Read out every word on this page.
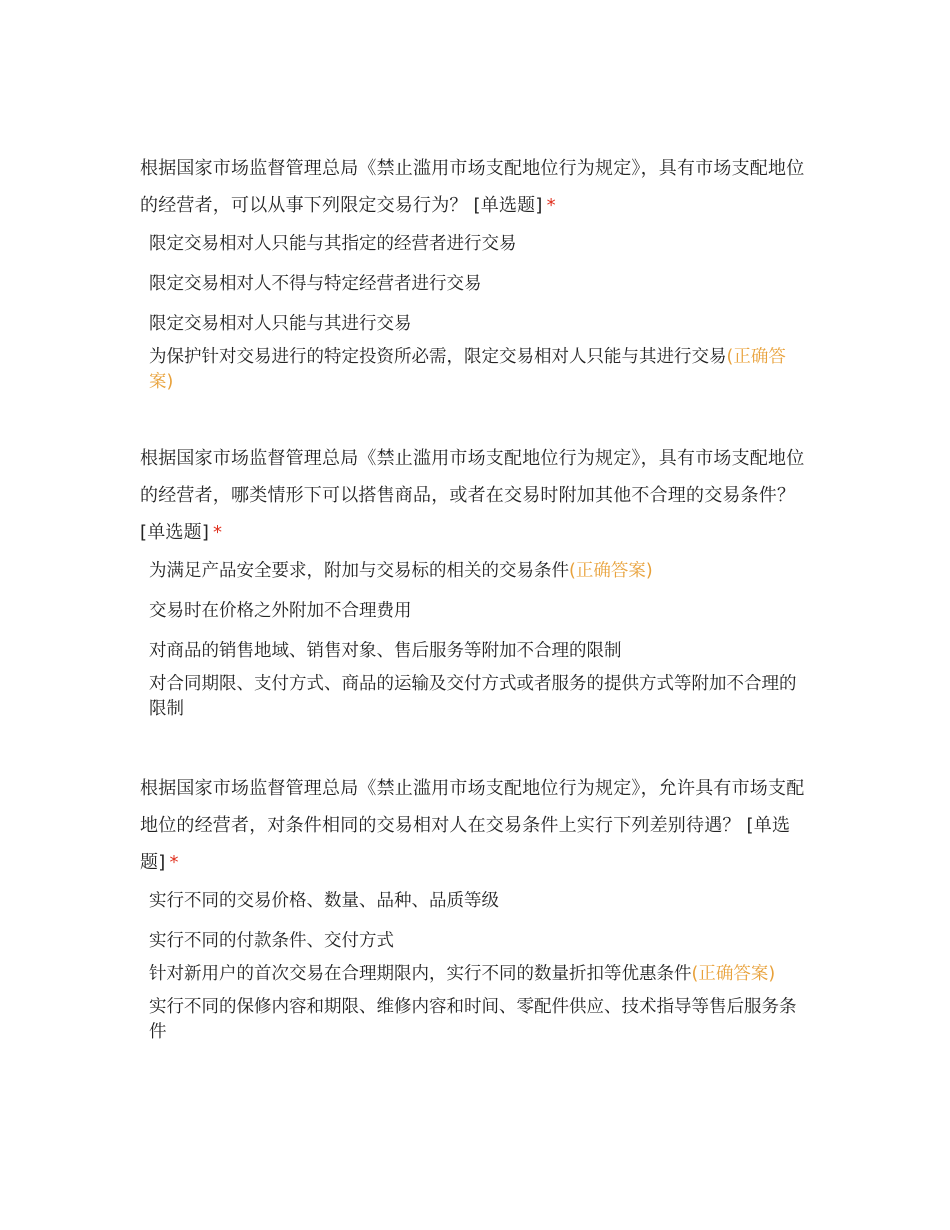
根据国家市场监督管理总局《禁止滥用市场支配地位行为规定》，具有市场支配地位的经营者，可以从事下列限定交易行为？ [单选题] *

限定交易相对人只能与其指定的经营者进行交易
限定交易相对人不得与特定经营者进行交易
限定交易相对人只能与其进行交易
为保护针对交易进行的特定投资所必需，限定交易相对人只能与其进行交易(正确答案)

根据国家市场监督管理总局《禁止滥用市场支配地位行为规定》，具有市场支配地位的经营者，哪类情形下可以搭售商品，或者在交易时附加其他不合理的交易条件？ [单选题] *

为满足产品安全要求，附加与交易标的相关的交易条件(正确答案)
交易时在价格之外附加不合理费用
对商品的销售地域、销售对象、售后服务等附加不合理的限制
对合同期限、支付方式、商品的运输及交付方式或者服务的提供方式等附加不合理的限制

根据国家市场监督管理总局《禁止滥用市场支配地位行为规定》，允许具有市场支配地位的经营者，对条件相同的交易相对人在交易条件上实行下列差别待遇？ [单选题] *

实行不同的交易价格、数量、品种、品质等级
实行不同的付款条件、交付方式
针对新用户的首次交易在合理期限内，实行不同的数量折扣等优惠条件(正确答案)
实行不同的保修内容和期限、维修内容和时间、零配件供应、技术指导等售后服务条件
